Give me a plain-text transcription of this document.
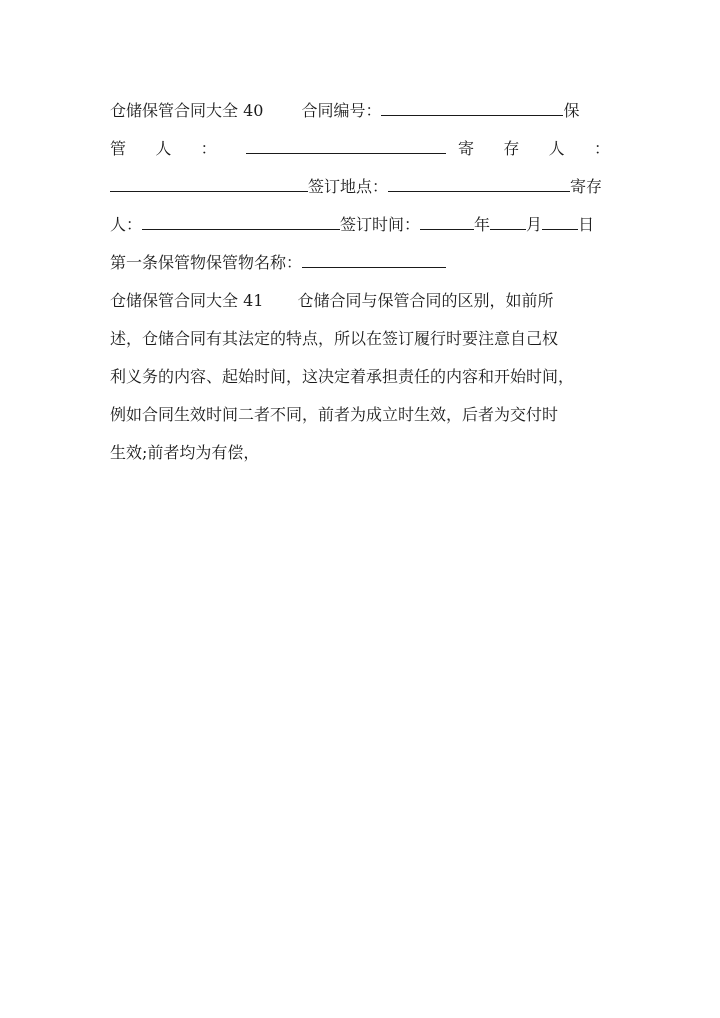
仓储保管合同大全 40 合同编号：	保
管 人 ：	寄 存 人 ：
签订地点：	寄存
人：	签订时间：	年 月 日
第一条保管物保管物名称：
仓储保管合同大全 41 仓储合同与保管合同的区别，如前所
述，仓储合同有其法定的特点，所以在签订履行时要注意自己权
利义务的内容、起始时间，这决定着承担责任的内容和开始时间，
例如合同生效时间二者不同，前者为成立时生效，后者为交付时
生效;前者均为有偿，
